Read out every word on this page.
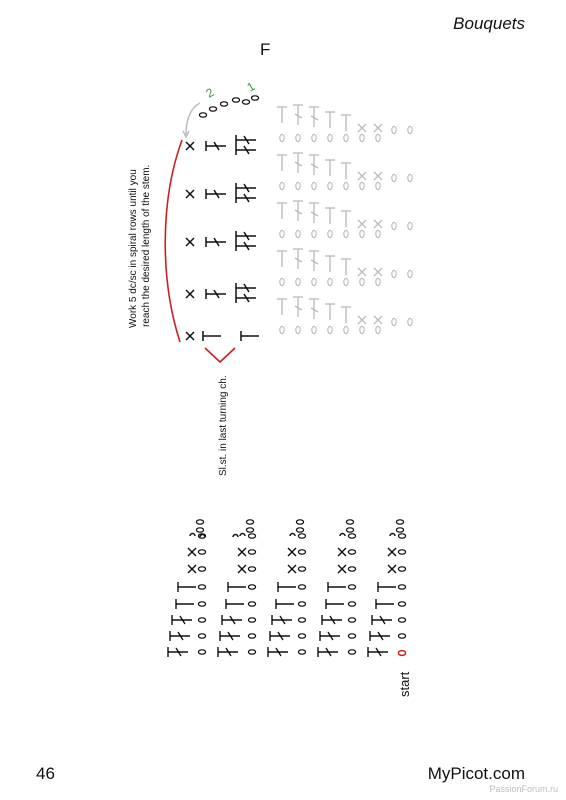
Bouquets
F
2 1
Work 5 dc/sc in spiral rows until you reach the desired length of the stem.
Sl.st. in last turning ch.
start
46	MyPicot.com
PassionForum.ru
